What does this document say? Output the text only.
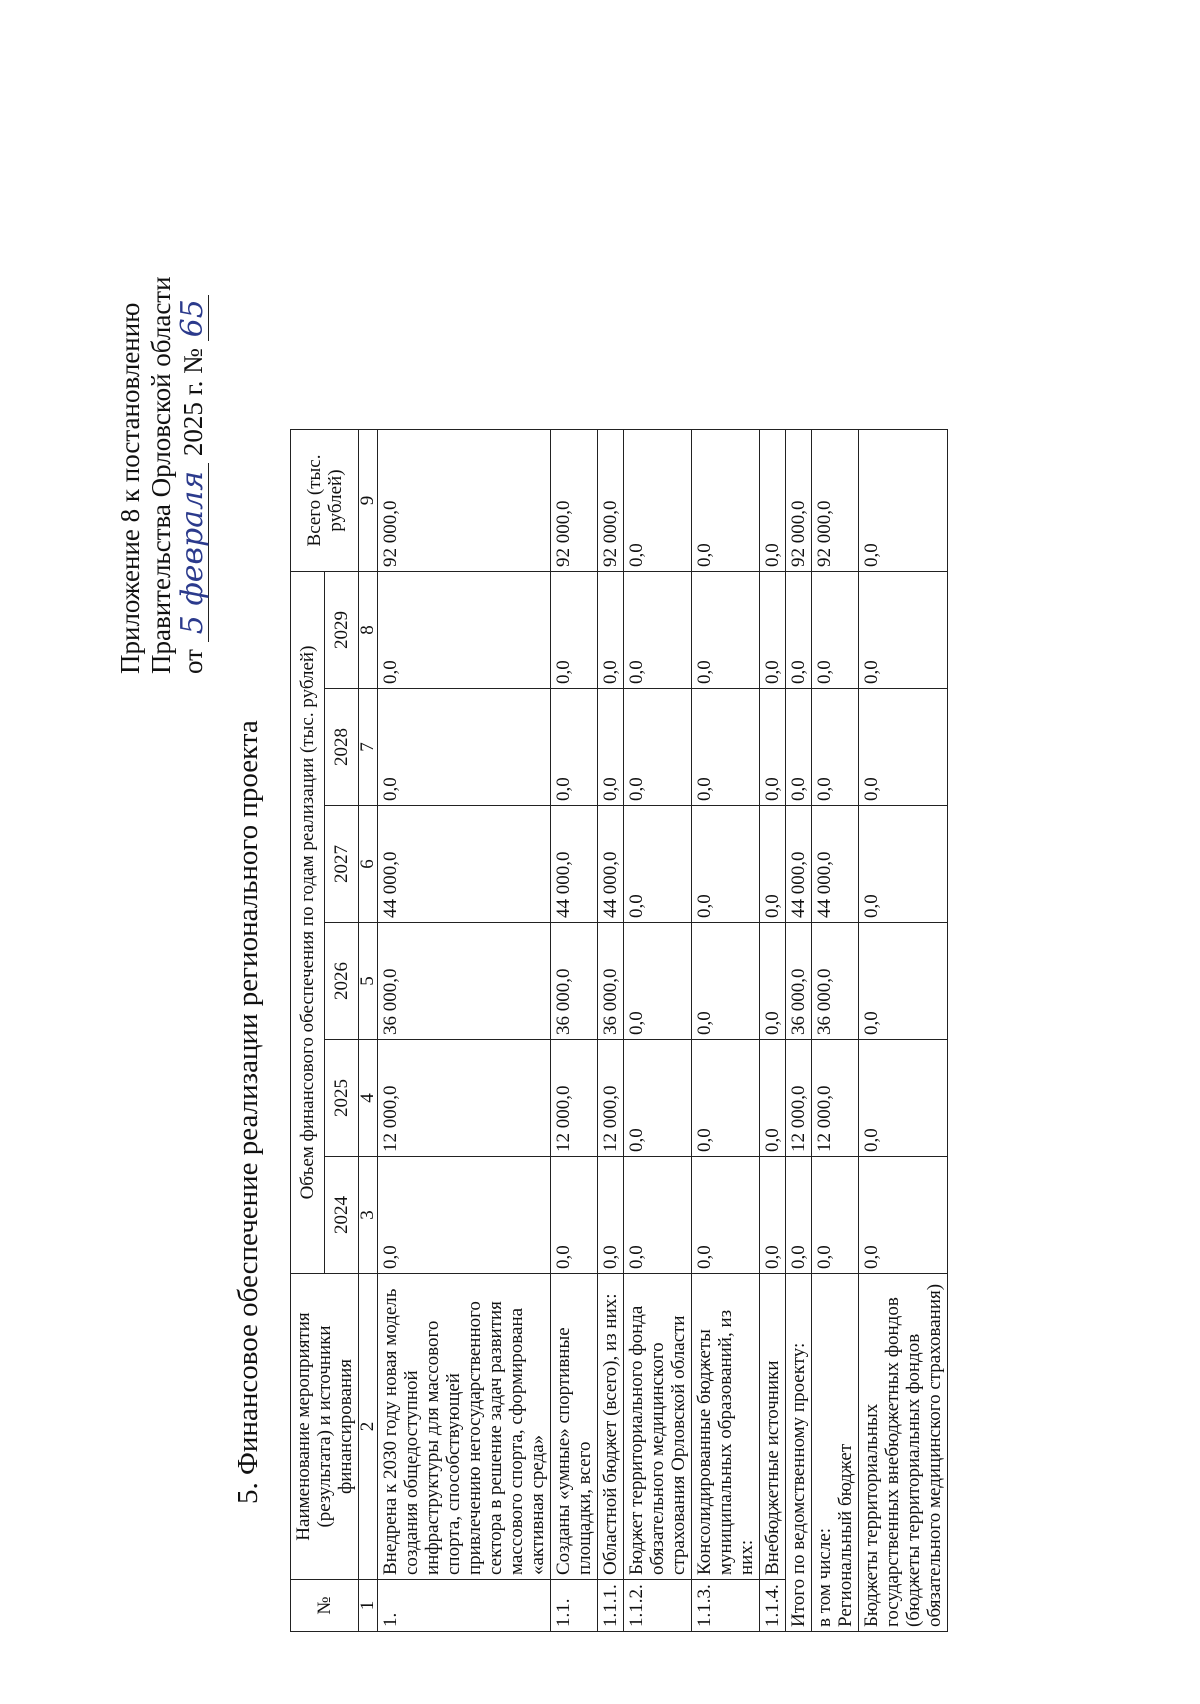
Приложение 8 к постановлению Правительства Орловской области от 5 февраля 2025 г. № 65
5. Финансовое обеспечение реализации регионального проекта
№	Наименование мероприятия (результата) и источники финансирования	Объем финансового обеспечения по годам реализации (тыс. рублей)						Всего (тыс. рублей)
		2024	2025	2026	2027	2028	2029	
1	2	3	4	5	6	7	8	9
1.	Внедрена к 2030 году новая модель создания общедоступной инфраструктуры для массового спорта, способствующей привлечению негосударственного сектора в решение задач развития массового спорта, сформирована «активная среда»	0,0	12 000,0	36 000,0	44 000,0	0,0	0,0	92 000,0
1.1.	Созданы «умные» спортивные площадки, всего	0,0	12 000,0	36 000,0	44 000,0	0,0	0,0	92 000,0
1.1.1.	Областной бюджет (всего), из них:	0,0	12 000,0	36 000,0	44 000,0	0,0	0,0	92 000,0
1.1.2.	Бюджет территориального фонда обязательного медицинского страхования Орловской области	0,0	0,0	0,0	0,0	0,0	0,0	0,0
1.1.3.	Консолидированные бюджеты муниципальных образований, из них:	0,0	0,0	0,0	0,0	0,0	0,0	0,0
1.1.4.	Внебюджетные источники	0,0	0,0	0,0	0,0	0,0	0,0	0,0
Итого по ведомственному проекту:		0,0	12 000,0	36 000,0	44 000,0	0,0	0,0	92 000,0

в том числе: Региональный бюджет		0,0	12 000,0	36 000,0	44 000,0	0,0	0,0	92 000,0
Бюджеты территориальных государственных внебюджетных фондов (бюджеты территориальных фондов обязательного медицинского страхования)		0,0	0,0	0,0	0,0	0,0	0,0	0,0
